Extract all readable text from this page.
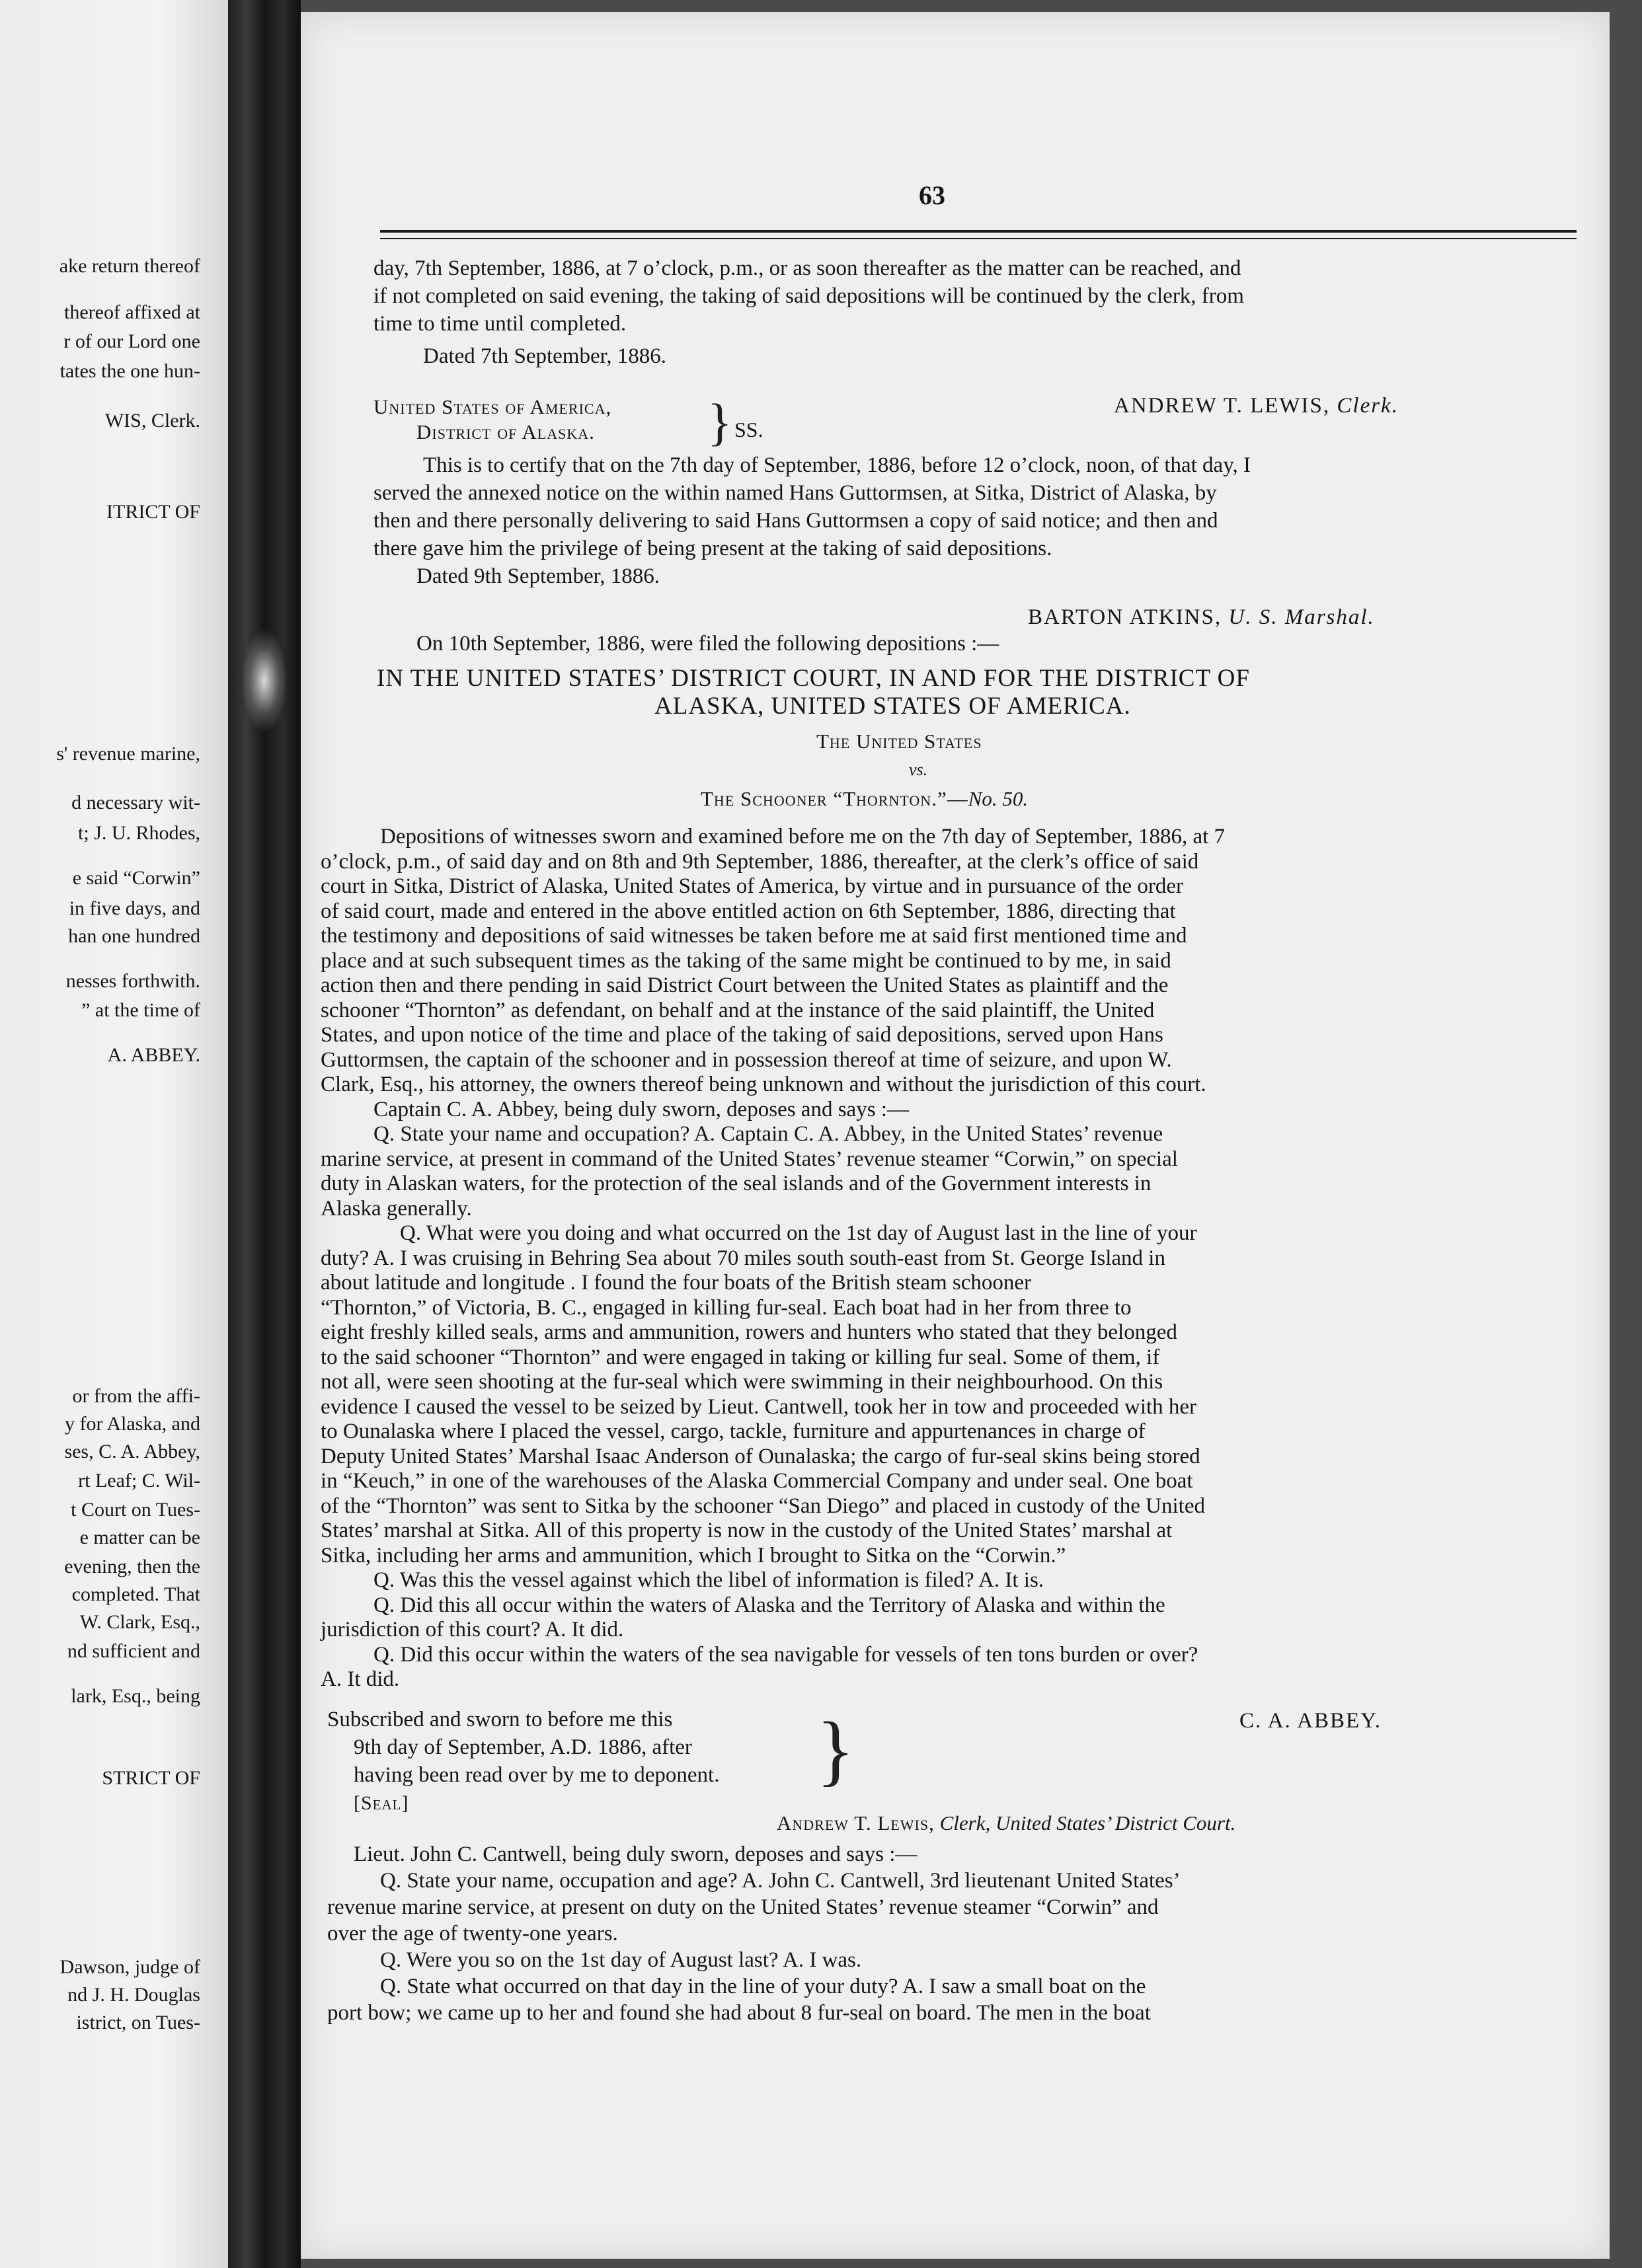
ake return thereof
thereof affixed at
r of our Lord one
tates the one hun-
WIS, Clerk.
ITRICT OF
s' revenue marine,
d necessary wit-
t; J. U. Rhodes,
e said “Corwin”
in five days, and
han one hundred
nesses forthwith.
” at the time of
A. ABBEY.
or from the affi-
y for Alaska, and
ses, C. A. Abbey,
rt Leaf; C. Wil-
t Court on Tues-
e matter can be
evening, then the
completed. That
W. Clark, Esq.,
nd sufficient and
lark, Esq., being
STRICT OF
Dawson, judge of
nd J. H. Douglas
istrict, on Tues-
63
day, 7th September, 1886, at 7 o’clock, p.m., or as soon thereafter as the matter can be reached, and
if not completed on said evening, the taking of said depositions will be continued by the clerk, from
time to time until completed.
Dated 7th September, 1886.
United States of America,
District of Alaska. } SS.
ANDREW T. LEWIS, Clerk.
This is to certify that on the 7th day of September, 1886, before 12 o’clock, noon, of that day, I
served the annexed notice on the within named Hans Guttormsen, at Sitka, District of Alaska, by
then and there personally delivering to said Hans Guttormsen a copy of said notice; and then and
there gave him the privilege of being present at the taking of said depositions.
Dated 9th September, 1886.
BARTON ATKINS, U. S. Marshal.
On 10th September, 1886, were filed the following depositions :—
IN THE UNITED STATES’ DISTRICT COURT, IN AND FOR THE DISTRICT OF
ALASKA, UNITED STATES OF AMERICA.
The United States
vs.
The Schooner “Thornton.”—No. 50.
Depositions of witnesses sworn and examined before me on the 7th day of September, 1886, at 7
o’clock, p.m., of said day and on 8th and 9th September, 1886, thereafter, at the clerk’s office of said
court in Sitka, District of Alaska, United States of America, by virtue and in pursuance of the order
of said court, made and entered in the above entitled action on 6th September, 1886, directing that
the testimony and depositions of said witnesses be taken before me at said first mentioned time and
place and at such subsequent times as the taking of the same might be continued to by me, in said
action then and there pending in said District Court between the United States as plaintiff and the
schooner “Thornton” as defendant, on behalf and at the instance of the said plaintiff, the United
States, and upon notice of the time and place of the taking of said depositions, served upon Hans
Guttormsen, the captain of the schooner and in possession thereof at time of seizure, and upon W.
Clark, Esq., his attorney, the owners thereof being unknown and without the jurisdiction of this court.
Captain C. A. Abbey, being duly sworn, deposes and says :—
Q. State your name and occupation? A. Captain C. A. Abbey, in the United States’ revenue
marine service, at present in command of the United States’ revenue steamer “Corwin,” on special
duty in Alaskan waters, for the protection of the seal islands and of the Government interests in
Alaska generally.
Q. What were you doing and what occurred on the 1st day of August last in the line of your
duty? A. I was cruising in Behring Sea about 70 miles south south-east from St. George Island in
about latitude and longitude . I found the four boats of the British steam schooner
“Thornton,” of Victoria, B. C., engaged in killing fur-seal. Each boat had in her from three to
eight freshly killed seals, arms and ammunition, rowers and hunters who stated that they belonged
to the said schooner “Thornton” and were engaged in taking or killing fur seal. Some of them, if
not all, were seen shooting at the fur-seal which were swimming in their neighbourhood. On this
evidence I caused the vessel to be seized by Lieut. Cantwell, took her in tow and proceeded with her
to Ounalaska where I placed the vessel, cargo, tackle, furniture and appurtenances in charge of
Deputy United States’ Marshal Isaac Anderson of Ounalaska; the cargo of fur-seal skins being stored
in “Keuch,” in one of the warehouses of the Alaska Commercial Company and under seal. One boat
of the “Thornton” was sent to Sitka by the schooner “San Diego” and placed in custody of the United
States’ marshal at Sitka. All of this property is now in the custody of the United States’ marshal at
Sitka, including her arms and ammunition, which I brought to Sitka on the “Corwin.”
Q. Was this the vessel against which the libel of information is filed? A. It is.
Q. Did this all occur within the waters of Alaska and the Territory of Alaska and within the
jurisdiction of this court? A. It did.
Q. Did this occur within the waters of the sea navigable for vessels of ten tons burden or over?
A. It did.
Subscribed and sworn to before me this
9th day of September, A.D. 1886, after
having been read over by me to deponent. }
[Seal]
C. A. ABBEY.
Andrew T. Lewis, Clerk, United States’ District Court.
Lieut. John C. Cantwell, being duly sworn, deposes and says :—
Q. State your name, occupation and age? A. John C. Cantwell, 3rd lieutenant United States’
revenue marine service, at present on duty on the United States’ revenue steamer “Corwin” and
over the age of twenty-one years.
Q. Were you so on the 1st day of August last? A. I was.
Q. State what occurred on that day in the line of your duty? A. I saw a small boat on the
port bow; we came up to her and found she had about 8 fur-seal on board. The men in the boat
